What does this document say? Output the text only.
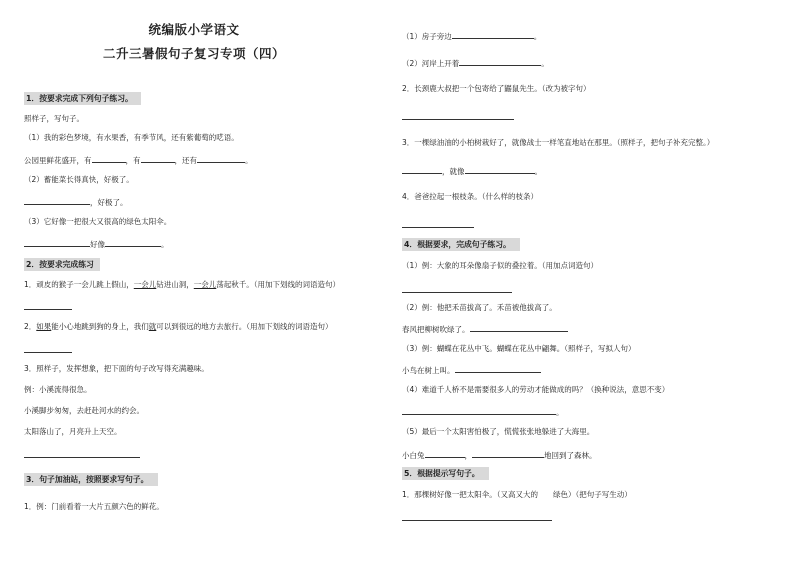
统编版小学语文
二升三暑假句子复习专项（四）
1．按要求完成下列句子练习。
照样子，写句子。
（1）我的彩色梦境，有水果香，有季节风，还有紫葡萄的呓语。
公园里鲜花盛开，有	，有	，还有	。
（2）蓄能菜长得真快，好极了。
，好极了。
（3）它好像一把很大又很高的绿色太阳伞。
好像	。
2．按要求完成练习
1．顽皮的猴子一会儿跳上假山，一会儿钻进山洞，一会儿荡起秋千。（用加下划线的词语造句）
2．如果能小心地跳到狗的身上，我们就可以到很远的地方去旅行。（用加下划线的词语造句）
3．照样子，发挥想象，把下面的句子改写得充满趣味。
例：小溪流得很急。
小溪脚步匆匆，去赶赴河水的约会。
太阳落山了，月亮升上天空。
3．句子加油站，按照要求写句子。
1．例：门前看着一大片五颜六色的鲜花。
（1）房子旁边	。
（2）河岸上开着	。
2．长颈鹿大叔把一个包寄给了鼹鼠先生。（改为被字句）
3．一棵绿油油的小柏树栽好了，就像战士一样笔直地站在那里。（照样子，把句子补充完整。）
，就像	。
4．爸爸拉起一根枝条。（什么样的枝条）
4．根据要求，完成句子练习。
（1）例：大象的耳朵像扇子似的叠拉着。（用加点词造句）
（2）例：他把禾苗拔高了。禾苗被他拔高了。
春风把柳树吹绿了。
（3）例：蝴蝶在花丛中飞。蝴蝶在花丛中翩舞。（照样子，写拟人句）
小鸟在树上叫。
（4）难道千人桥不是需要很多人的劳动才能做成的吗？（换种说法，意思不变）
。
（5）最后一个太阳害怕极了，慌慌张张地躲进了大海里。
小白兔	，	地回到了森林。
5．根据提示写句子。
1．那棵树好像一把太阳伞。（又高又大的　　绿色）（把句子写生动）
